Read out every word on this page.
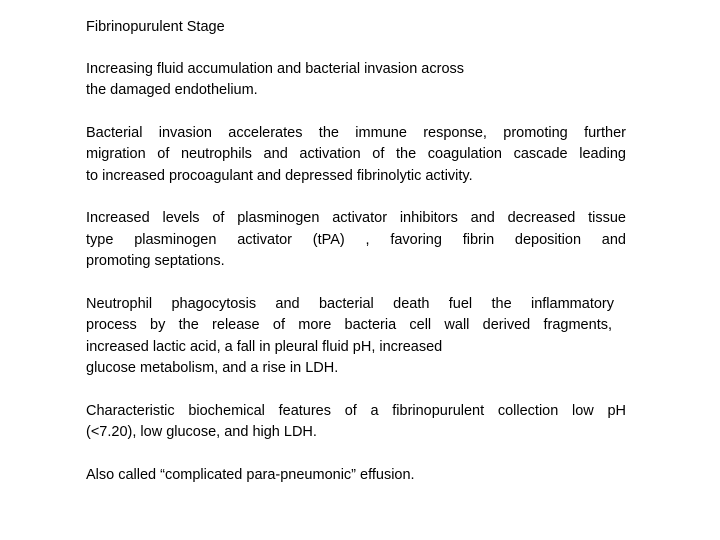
Fibrinopurulent Stage
Increasing fluid accumulation and bacterial invasion across
the damaged endothelium.
Bacterial invasion accelerates the immune response, promoting further
migration of neutrophils and activation of the coagulation cascade leading
to increased procoagulant and depressed fibrinolytic activity.
Increased levels of plasminogen activator inhibitors and decreased tissue
type plasminogen activator (tPA) , favoring fibrin deposition and
promoting septations.
Neutrophil phagocytosis and bacterial death fuel the inflammatory
process by the release of more bacteria cell wall derived fragments,
increased lactic acid, a fall in pleural fluid pH, increased
glucose metabolism, and a rise in LDH.
Characteristic biochemical features of a fibrinopurulent collection low pH
(<7.20), low glucose, and high LDH.
Also called “complicated para-pneumonic” effusion.
